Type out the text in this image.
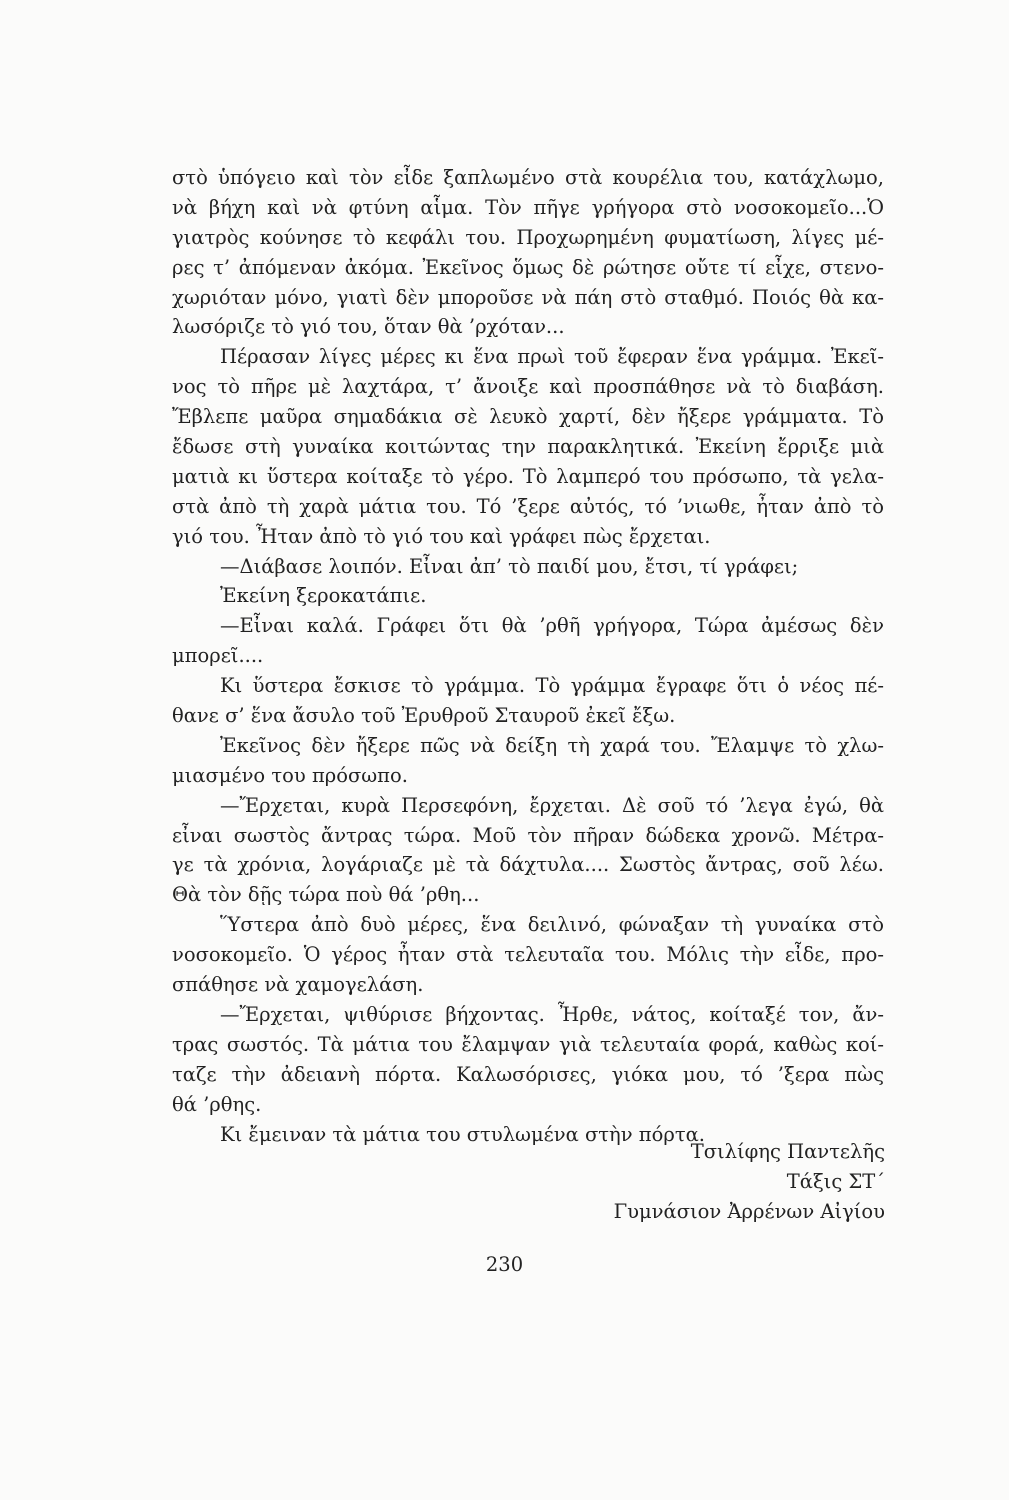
στὸ ὑπόγειο καὶ τὸν εἶδε ξαπλωμένο στὰ κουρέλια του, κατάχλωμο,
νὰ βήχη καὶ νὰ φτύνη αἷμα. Τὸν πῆγε γρήγορα στὸ νοσοκομεῖο...Ὁ
γιατρὸς κούνησε τὸ κεφάλι του. Προχωρημένη φυματίωση, λίγες μέ-
ρες τ’ ἀπόμεναν ἀκόμα. Ἐκεῖνος ὅμως δὲ ρώτησε οὔτε τί εἶχε, στενο-
χωριόταν μόνο, γιατὶ δὲν μποροῦσε νὰ πάη στὸ σταθμό. Ποιός θὰ κα-
λωσόριζε τὸ γιό του, ὅταν θὰ ’ρχόταν...
Πέρασαν λίγες μέρες κι ἕνα πρωὶ τοῦ ἔφεραν ἕνα γράμμα. Ἐκεῖ-
νος τὸ πῆρε μὲ λαχτάρα, τ’ ἄνοιξε καὶ προσπάθησε νὰ τὸ διαβάση.
Ἔβλεπε μαῦρα σημαδάκια σὲ λευκὸ χαρτί, δὲν ἤξερε γράμματα. Τὸ
ἔδωσε στὴ γυναίκα κοιτώντας την παρακλητικά. Ἐκείνη ἔρριξε μιὰ
ματιὰ κι ὕστερα κοίταξε τὸ γέρο. Τὸ λαμπερό του πρόσωπο, τὰ γελα-
στὰ ἀπὸ τὴ χαρὰ μάτια του. Τό ’ξερε αὐτός, τό ’νιωθε, ἦταν ἀπὸ τὸ
γιό του. Ἦταν ἀπὸ τὸ γιό του καὶ γράφει πὼς ἔρχεται.
—Διάβασε λοιπόν. Εἶναι ἀπ’ τὸ παιδί μου, ἔτσι, τί γράφει;
Ἐκείνη ξεροκατάπιε.
—Εἶναι καλά. Γράφει ὅτι θὰ ’ρθῆ γρήγορα, Τώρα ἀμέσως δὲν
μπορεῖ....
Κι ὕστερα ἔσκισε τὸ γράμμα. Τὸ γράμμα ἔγραφε ὅτι ὁ νέος πέ-
θανε σ’ ἕνα ἄσυλο τοῦ Ἐρυθροῦ Σταυροῦ ἐκεῖ ἔξω.
Ἐκεῖνος δὲν ἤξερε πῶς νὰ δείξη τὴ χαρά του. Ἔλαμψε τὸ χλω-
μιασμένο του πρόσωπο.
—Ἔρχεται, κυρὰ Περσεφόνη, ἔρχεται. Δὲ σοῦ τό ’λεγα ἐγώ, θὰ
εἶναι σωστὸς ἄντρας τώρα. Μοῦ τὸν πῆραν δώδεκα χρονῶ. Μέτρα-
γε τὰ χρόνια, λογάριαζε μὲ τὰ δάχτυλα.... Σωστὸς ἄντρας, σοῦ λέω.
Θὰ τὸν δῇς τώρα ποὺ θά ’ρθη...
Ὕστερα ἀπὸ δυὸ μέρες, ἕνα δειλινό, φώναξαν τὴ γυναίκα στὸ
νοσοκομεῖο. Ὁ γέρος ἦταν στὰ τελευταῖα του. Μόλις τὴν εἶδε, προ-
σπάθησε νὰ χαμογελάση.
—Ἔρχεται, ψιθύρισε βήχοντας. Ἦρθε, νάτος, κοίταξέ τον, ἄν-
τρας σωστός. Τὰ μάτια του ἔλαμψαν γιὰ τελευταία φορά, καθὼς κοί-
ταζε τὴν ἀδειανὴ πόρτα. Καλωσόρισες, γιόκα μου, τό ’ξερα πὼς
θά ’ρθης.
Κι ἔμειναν τὰ μάτια του στυλωμένα στὴν πόρτα.
Τσιλίφης Παντελῆς
Τάξις ΣΤ΄
Γυμνάσιον Ἀρρένων Αἰγίου
230
